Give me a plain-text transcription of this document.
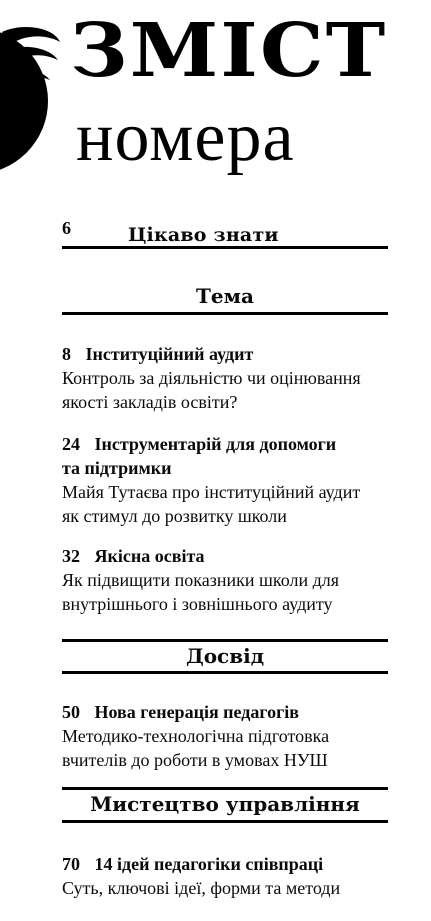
ЗМІСТ
номера
6	Цікаво знати
Тема
8 Інституційний аудит
Контроль за діяльністю чи оцінювання
якості закладів освіти?
24 Інструментарій для допомоги
та підтримки
Майя Тутаєва про інституційний аудит
як стимул до розвитку школи
32 Якісна освіта
Як підвищити показники школи для
внутрішнього і зовнішнього аудиту
Досвід
50 Нова генерація педагогів
Методико-технологічна підготовка
вчителів до роботи в умовах НУШ
Мистецтво управління
70 14 ідей педагогіки співпраці
Суть, ключові ідеї, форми та методи
